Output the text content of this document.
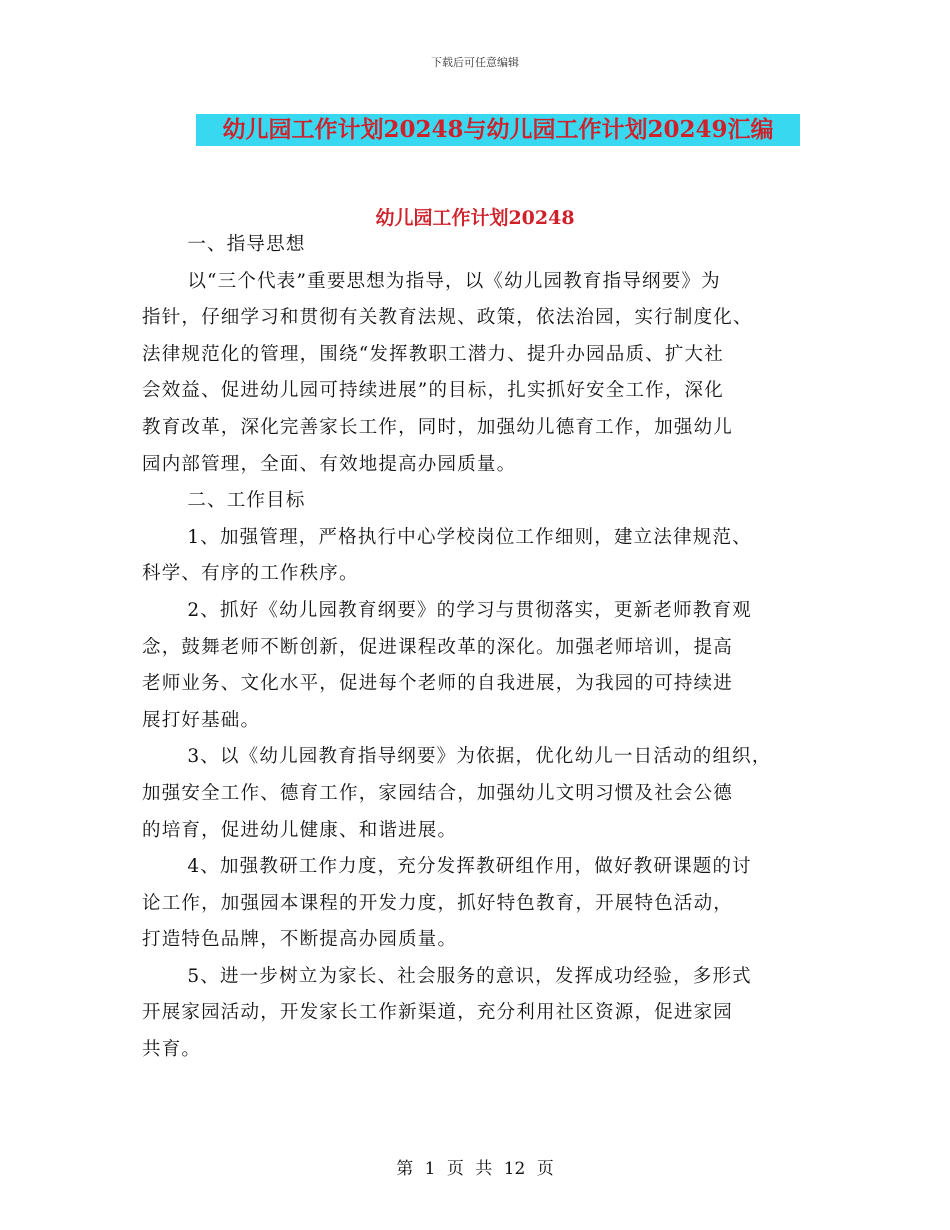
下载后可任意编辑
幼儿园工作计划20248与幼儿园工作计划20249汇编
幼儿园工作计划20248

一、指导思想

以“三个代表”重要思想为指导，以《幼儿园教育指导纲要》为
指针，仔细学习和贯彻有关教育法规、政策，依法治园，实行制度化、
法律规范化的管理，围绕“发挥教职工潜力、提升办园品质、扩大社
会效益、促进幼儿园可持续进展”的目标，扎实抓好安全工作，深化
教育改革，深化完善家长工作，同时，加强幼儿德育工作，加强幼儿
园内部管理，全面、有效地提高办园质量。

二、工作目标

1、加强管理，严格执行中心学校岗位工作细则，建立法律规范、
科学、有序的工作秩序。

2、抓好《幼儿园教育纲要》的学习与贯彻落实，更新老师教育观
念，鼓舞老师不断创新，促进课程改革的深化。加强老师培训，提高
老师业务、文化水平，促进每个老师的自我进展，为我园的可持续进
展打好基础。

3、以《幼儿园教育指导纲要》为依据，优化幼儿一日活动的组织，
加强安全工作、德育工作，家园结合，加强幼儿文明习惯及社会公德
的培育，促进幼儿健康、和谐进展。

4、加强教研工作力度，充分发挥教研组作用，做好教研课题的讨
论工作，加强园本课程的开发力度，抓好特色教育，开展特色活动，
打造特色品牌，不断提高办园质量。

5、进一步树立为家长、社会服务的意识，发挥成功经验，多形式
开展家园活动，开发家长工作新渠道，充分利用社区资源，促进家园
共育。

第 1 页 共 12 页
